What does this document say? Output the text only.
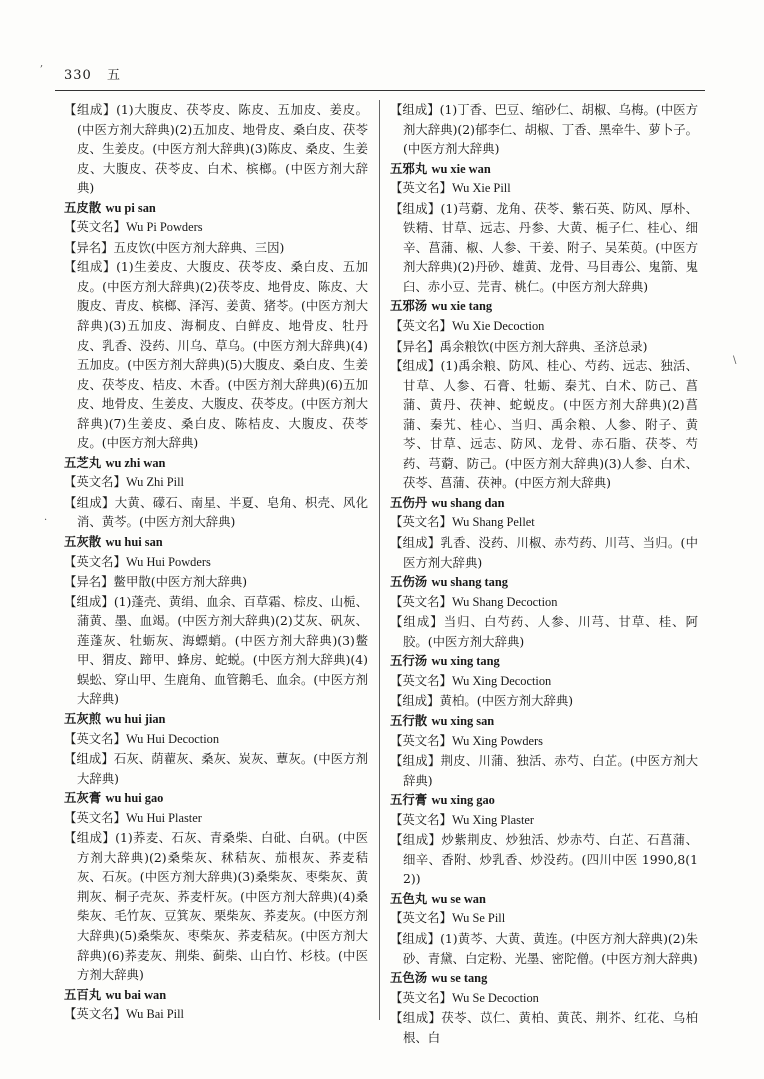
330 五
【组成】(1)大腹皮、茯苓皮、陈皮、五加皮、姜皮。(中医方剂大辞典)(2)五加皮、地骨皮、桑白皮、茯苓皮、生姜皮。(中医方剂大辞典)(3)陈皮、桑皮、生姜皮、大腹皮、茯苓皮、白术、槟榔。(中医方剂大辞典)
五皮散 wu pi san
【英文名】Wu Pi Powders
【异名】五皮饮(中医方剂大辞典、三因)
【组成】(1)生姜皮、大腹皮、茯苓皮、桑白皮、五加皮。(中医方剂大辞典)(2)茯苓皮、地骨皮、陈皮、大腹皮、青皮、槟榔、泽泻、姜黄、猪苓。(中医方剂大辞典)(3)五加皮、海桐皮、白鲜皮、地骨皮、牡丹皮、乳香、没药、川乌、草乌。(中医方剂大辞典)(4)五加皮。(中医方剂大辞典)(5)大腹皮、桑白皮、生姜皮、茯苓皮、桔皮、木香。(中医方剂大辞典)(6)五加皮、地骨皮、生姜皮、大腹皮、茯苓皮。(中医方剂大辞典)(7)生姜皮、桑白皮、陈桔皮、大腹皮、茯苓皮。(中医方剂大辞典)
五芝丸 wu zhi wan
【英文名】Wu Zhi Pill
【组成】大黄、礞石、南星、半夏、皂角、枳壳、风化消、黄芩。(中医方剂大辞典)
五灰散 wu hui san
【英文名】Wu Hui Powders
【异名】鳖甲散(中医方剂大辞典)
【组成】(1)蓬壳、黄绢、血余、百草霜、棕皮、山栀、蒲黄、墨、血竭。(中医方剂大辞典)(2)艾灰、矾灰、莲蓬灰、牡蛎灰、海螵蛸。(中医方剂大辞典)(3)鳖甲、猬皮、蹄甲、蜂房、蛇蜕。(中医方剂大辞典)(4)蜈蚣、穿山甲、生鹿角、血管鹅毛、血余。(中医方剂大辞典)
五灰煎 wu hui jian
【英文名】Wu Hui Decoction
【组成】石灰、荫藋灰、桑灰、炭灰、蕈灰。(中医方剂大辞典)
五灰膏 wu hui gao
【英文名】Wu Hui Plaster
【组成】(1)荞麦、石灰、青桑柴、白砒、白矾。(中医方剂大辞典)(2)桑柴灰、秫秸灰、茄根灰、荞麦秸灰、石灰。(中医方剂大辞典)(3)桑柴灰、枣柴灰、黄荆灰、桐子壳灰、荞麦杆灰。(中医方剂大辞典)(4)桑柴灰、毛竹灰、豆箕灰、栗柴灰、荞麦灰。(中医方剂大辞典)(5)桑柴灰、枣柴灰、荞麦秸灰。(中医方剂大辞典)(6)荞麦灰、荆柴、蓟柴、山白竹、杉枝。(中医方剂大辞典)
五百丸 wu bai wan
【英文名】Wu Bai Pill
【组成】(1)丁香、巴豆、缩砂仁、胡椒、乌梅。(中医方剂大辞典)(2)郁李仁、胡椒、丁香、黑牵牛、萝卜子。(中医方剂大辞典)
五邪丸 wu xie wan
【英文名】Wu Xie Pill
【组成】(1)芎藭、龙角、茯苓、紫石英、防风、厚朴、铁精、甘草、远志、丹参、大黄、栀子仁、桂心、细辛、菖蒲、椒、人参、干姜、附子、吴茱萸。(中医方剂大辞典)(2)丹砂、雄黄、龙骨、马目毒公、鬼箭、鬼臼、赤小豆、芫青、桃仁。(中医方剂大辞典)
五邪汤 wu xie tang
【英文名】Wu Xie Decoction
【异名】禹余粮饮(中医方剂大辞典、圣济总录)
【组成】(1)禹余粮、防风、桂心、芍药、远志、独活、甘草、人参、石膏、牡蛎、秦艽、白术、防己、菖蒲、黄丹、茯神、蛇蜕皮。(中医方剂大辞典)(2)菖蒲、秦艽、桂心、当归、禹余粮、人参、附子、黄芩、甘草、远志、防风、龙骨、赤石脂、茯苓、芍药、芎藭、防己。(中医方剂大辞典)(3)人参、白术、茯苓、菖蒲、茯神。(中医方剂大辞典)
五伤丹 wu shang dan
【英文名】Wu Shang Pellet
【组成】乳香、没药、川椒、赤芍药、川芎、当归。(中医方剂大辞典)
五伤汤 wu shang tang
【英文名】Wu Shang Decoction
【组成】当归、白芍药、人参、川芎、甘草、桂、阿胶。(中医方剂大辞典)
五行汤 wu xing tang
【英文名】Wu Xing Decoction
【组成】黄柏。(中医方剂大辞典)
五行散 wu xing san
【英文名】Wu Xing Powders
【组成】荆皮、川蒲、独活、赤芍、白芷。(中医方剂大辞典)
五行膏 wu xing gao
【英文名】Wu Xing Plaster
【组成】炒紫荆皮、炒独活、炒赤芍、白芷、石菖蒲、细辛、香附、炒乳香、炒没药。(四川中医 1990,8(12))
五色丸 wu se wan
【英文名】Wu Se Pill
【组成】(1)黄芩、大黄、黄连。(中医方剂大辞典)(2)朱砂、青黛、白定粉、光墨、密陀僧。(中医方剂大辞典)
五色汤 wu se tang
【英文名】Wu Se Decoction
【组成】茯苓、苡仁、黄柏、黄芪、荆芥、红花、乌柏根、白
,
\
·
